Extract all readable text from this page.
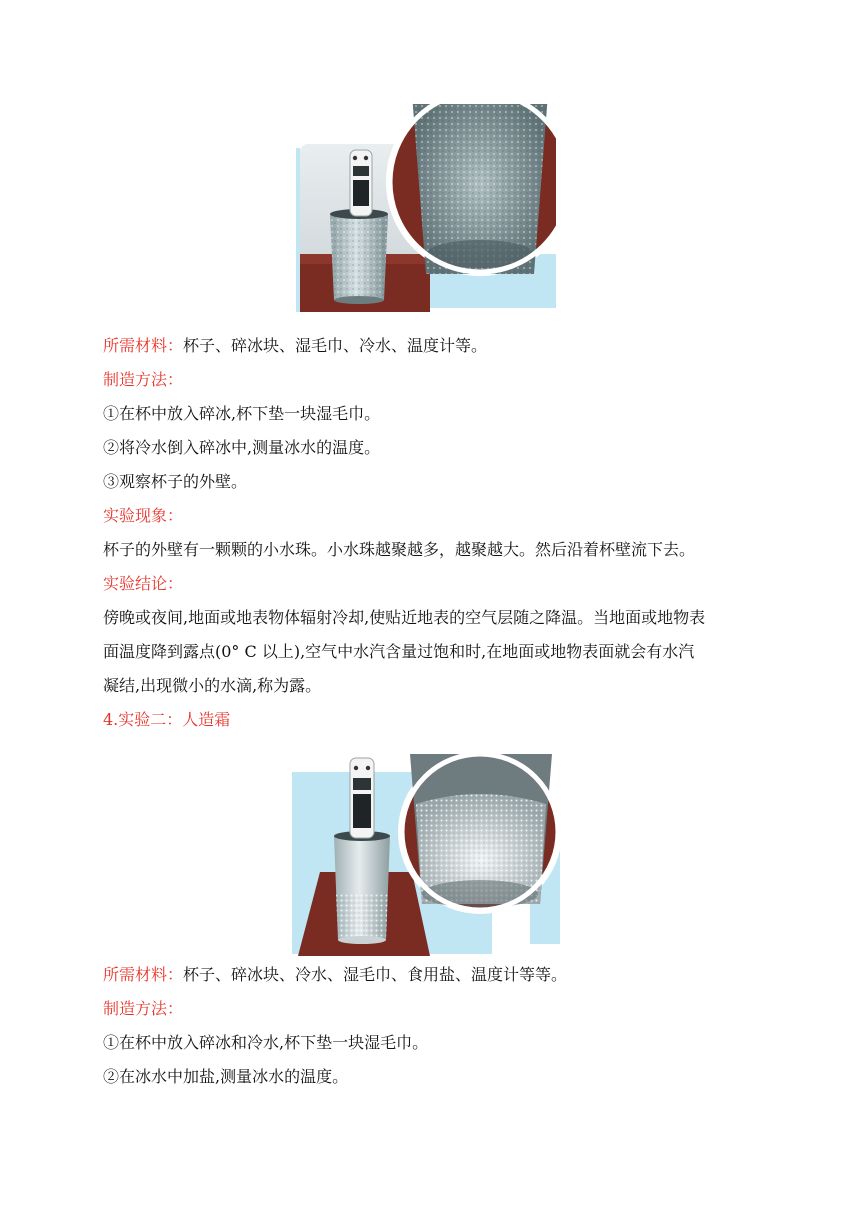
所需材料：杯子、碎冰块、湿毛巾、冷水、温度计等。
制造方法：
①在杯中放入碎冰,杯下垫一块湿毛巾。
②将冷水倒入碎冰中,测量冰水的温度。
③观察杯子的外壁。
实验现象：
杯子的外壁有一颗颗的小水珠。小水珠越聚越多，越聚越大。然后沿着杯壁流下去。
实验结论：
傍晚或夜间,地面或地表物体辐射冷却,使贴近地表的空气层随之降温。当地面或地物表
面温度降到露点(0° C 以上),空气中水汽含量过饱和时,在地面或地物表面就会有水汽
凝结,出现微小的水滴,称为露。
4.实验二：人造霜
所需材料：杯子、碎冰块、冷水、湿毛巾、食用盐、温度计等等。
制造方法：
①在杯中放入碎冰和冷水,杯下垫一块湿毛巾。
②在冰水中加盐,测量冰水的温度。
